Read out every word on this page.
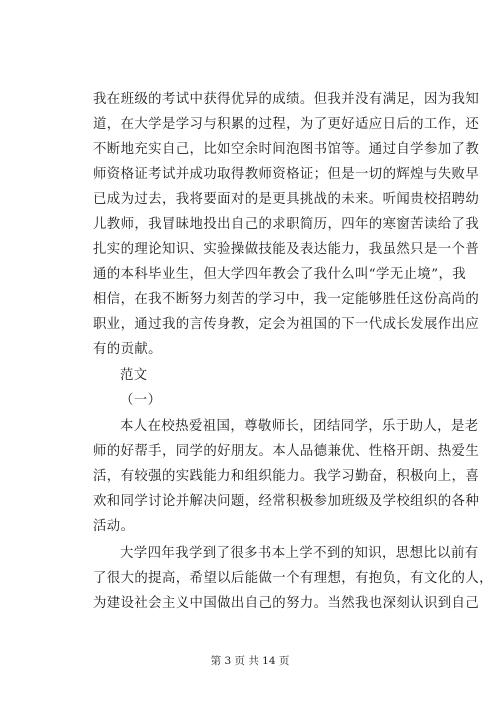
我在班级的考试中获得优异的成绩。但我并没有满足，因为我知
道，在大学是学习与积累的过程，为了更好适应日后的工作，还
不断地充实自己，比如空余时间泡图书馆等。通过自学参加了教
师资格证考试并成功取得教师资格证；但是一切的辉煌与失败早
已成为过去，我将要面对的是更具挑战的未来。听闻贵校招聘幼
儿教师，我冒昧地投出自己的求职简历，四年的寒窗苦读给了我
扎实的理论知识、实验操做技能及表达能力，我虽然只是一个普
通的本科毕业生，但大学四年教会了我什么叫“学无止境”，我
相信，在我不断努力刻苦的学习中，我一定能够胜任这份高尚的
职业，通过我的言传身教，定会为祖国的下一代成长发展作出应
有的贡献。
范文
（一）
本人在校热爱祖国，尊敬师长，团结同学，乐于助人，是老
师的好帮手，同学的好朋友。本人品德兼优、性格开朗、热爱生
活，有较强的实践能力和组织能力。我学习勤奋，积极向上，喜
欢和同学讨论并解决问题，经常积极参加班级及学校组织的各种
活动。
大学四年我学到了很多书本上学不到的知识，思想比以前有
了很大的提高，希望以后能做一个有理想，有抱负，有文化的人，
为建设社会主义中国做出自己的努力。当然我也深刻认识到自己
第 3 页 共 14 页
